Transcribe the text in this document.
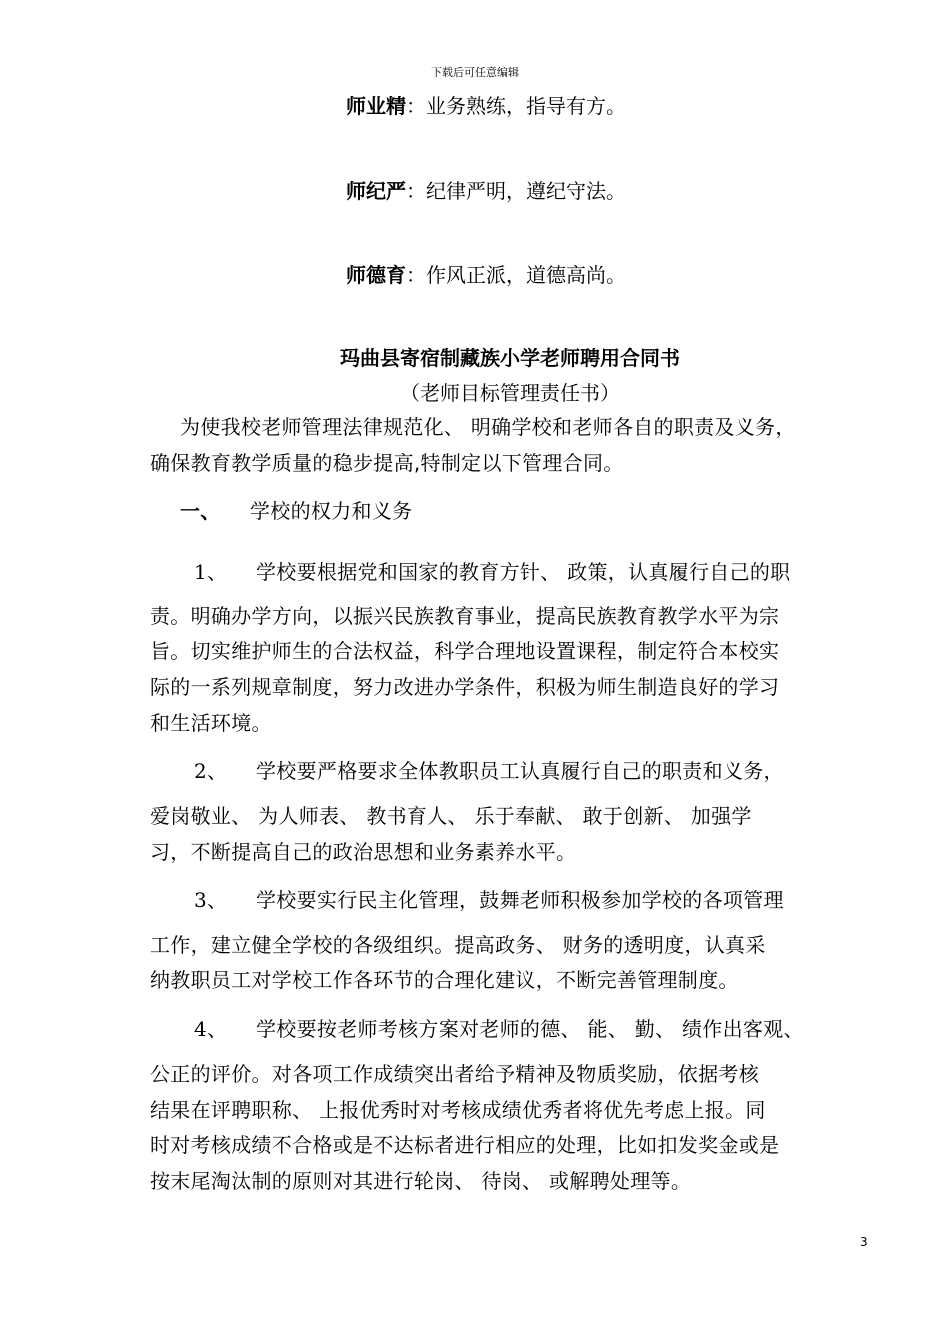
下载后可任意编辑
师业精：业务熟练，指导有方。
师纪严：纪律严明，遵纪守法。
师德育：作风正派，道德高尚。
玛曲县寄宿制藏族小学老师聘用合同书
（老师目标管理责任书）
为使我校老师管理法律规范化、 明确学校和老师各自的职责及义务，
确保教育教学质量的稳步提高,特制定以下管理合同。
一、 学校的权力和义务
1、 学校要根据党和国家的教育方针、 政策，认真履行自己的职
责。明确办学方向，以振兴民族教育事业，提高民族教育教学水平为宗
旨。切实维护师生的合法权益，科学合理地设置课程，制定符合本校实
际的一系列规章制度，努力改进办学条件，积极为师生制造良好的学习
和生活环境。
2、 学校要严格要求全体教职员工认真履行自己的职责和义务，
爱岗敬业、 为人师表、 教书育人、 乐于奉献、 敢于创新、 加强学
习，不断提高自己的政治思想和业务素养水平。
3、 学校要实行民主化管理，鼓舞老师积极参加学校的各项管理
工作，建立健全学校的各级组织。提高政务、 财务的透明度，认真采
纳教职员工对学校工作各环节的合理化建议，不断完善管理制度。
4、 学校要按老师考核方案对老师的德、 能、 勤、 绩作出客观、
公正的评价。对各项工作成绩突出者给予精神及物质奖励，依据考核
结果在评聘职称、 上报优秀时对考核成绩优秀者将优先考虑上报。同
时对考核成绩不合格或是不达标者进行相应的处理，比如扣发奖金或是
按末尾淘汰制的原则对其进行轮岗、 待岗、 或解聘处理等。
3
